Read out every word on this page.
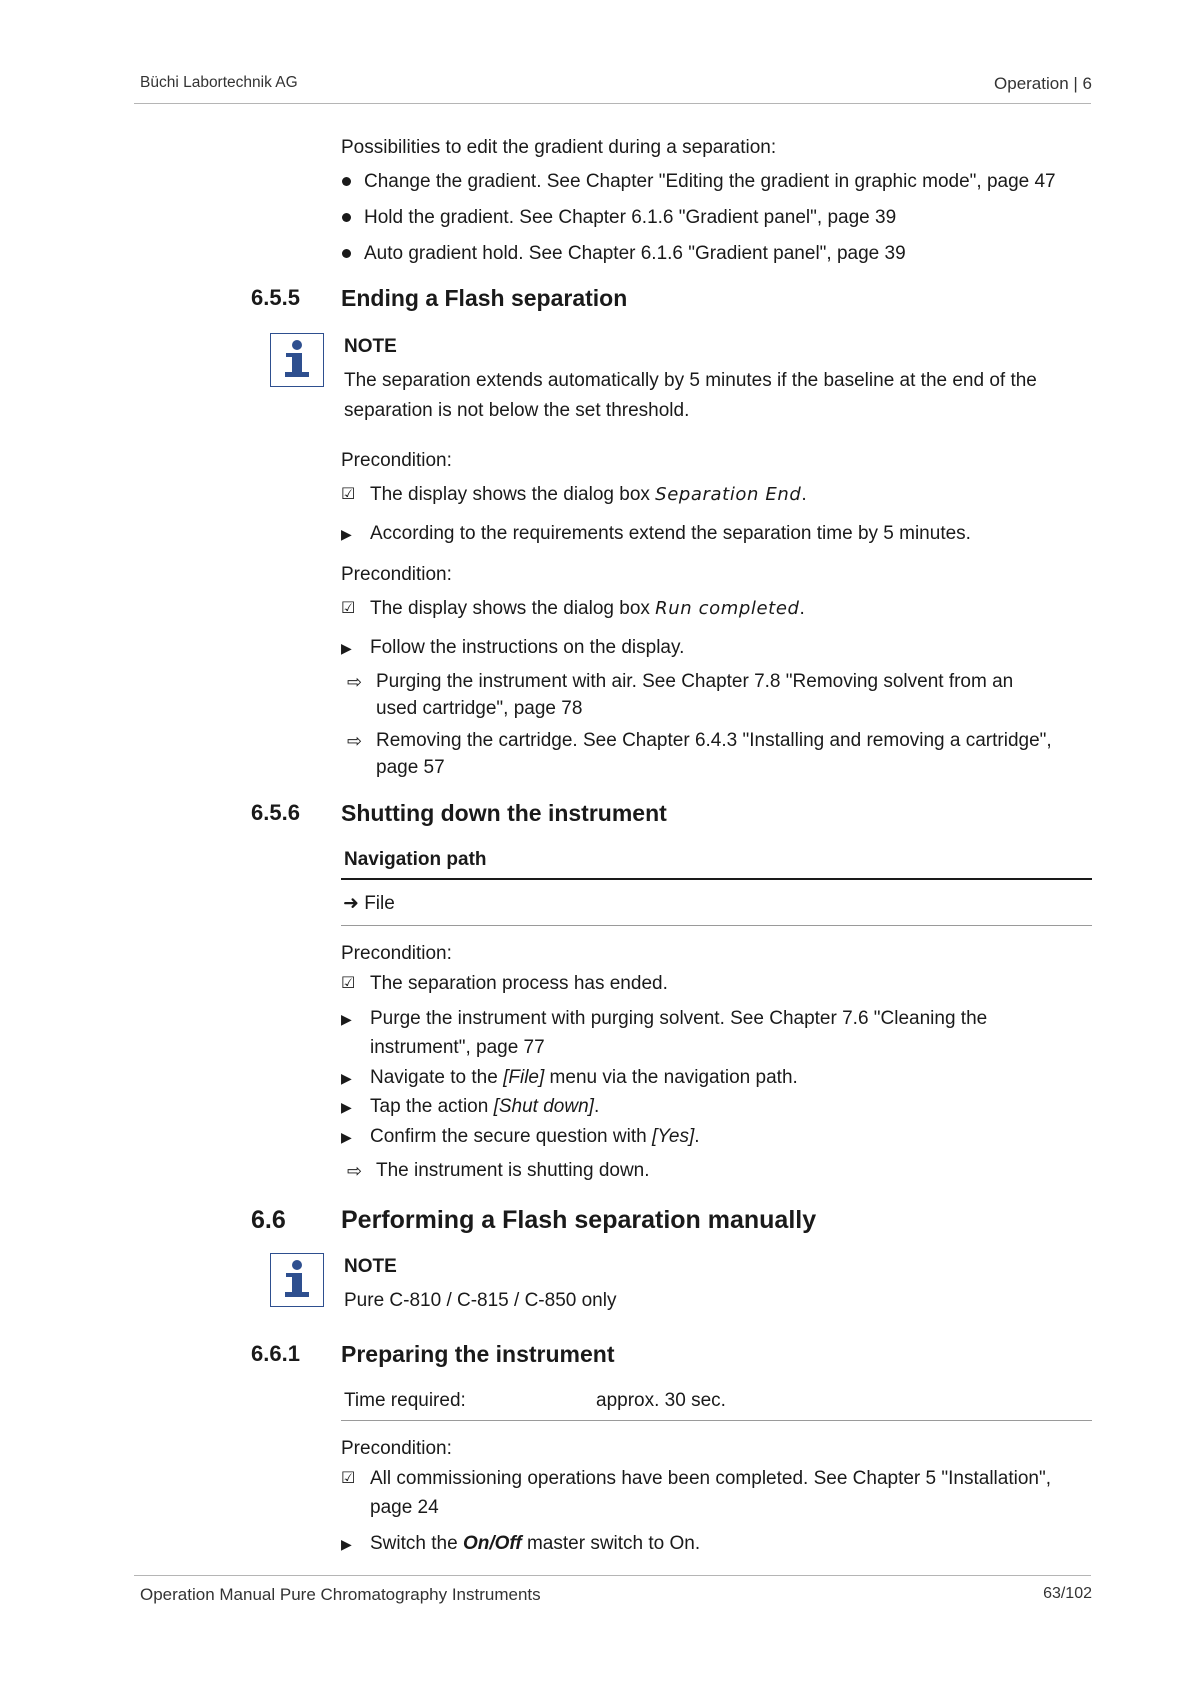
Büchi Labortechnik AG	Operation | 6
Possibilities to edit the gradient during a separation:
Change the gradient. See Chapter "Editing the gradient in graphic mode", page 47
Hold the gradient. See Chapter 6.1.6 "Gradient panel", page 39
Auto gradient hold. See Chapter 6.1.6 "Gradient panel", page 39
6.5.5 Ending a Flash separation
NOTE
The separation extends automatically by 5 minutes if the baseline at the end of the separation is not below the set threshold.
Precondition:
☑ The display shows the dialog box Separation End.
▶ According to the requirements extend the separation time by 5 minutes.
Precondition:
☑ The display shows the dialog box Run completed.
▶ Follow the instructions on the display.
⇨ Purging the instrument with air. See Chapter 7.8 "Removing solvent from an
used cartridge", page 78
⇨ Removing the cartridge. See Chapter 6.4.3 "Installing and removing a cartridge",
page 57
6.5.6 Shutting down the instrument
Navigation path
➜ File
Precondition:
☑ The separation process has ended.
▶ Purge the instrument with purging solvent. See Chapter 7.6 "Cleaning the
instrument", page 77
▶ Navigate to the [File] menu via the navigation path.
▶ Tap the action [Shut down].
▶ Confirm the secure question with [Yes].
⇨ The instrument is shutting down.
6.6 Performing a Flash separation manually
NOTE
Pure C-810 / C-815 / C-850 only
6.6.1 Preparing the instrument
Time required:	approx. 30 sec.
Precondition:
☑ All commissioning operations have been completed. See Chapter 5 "Installation",
page 24
▶ Switch the On/Off master switch to On.
Operation Manual Pure Chromatography Instruments	63/102
